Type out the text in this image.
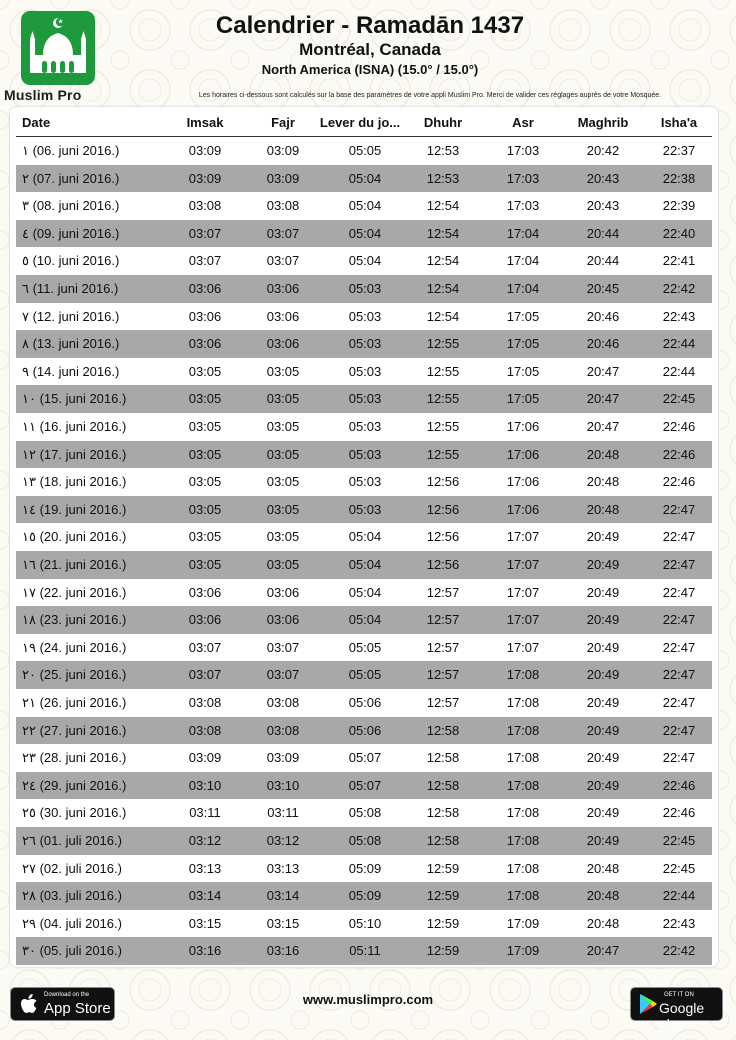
Muslim Pro
Calendrier - Ramadān 1437
Montréal, Canada
North America (ISNA) (15.0° / 15.0°)
Les horaires ci-dessous sont calculés sur la base des paramètres de votre appli Muslim Pro. Merci de valider ces réglages auprès de votre Mosquée.
Date	Imsak	Fajr	Lever du jo...	Dhuhr	Asr	Maghrib	Isha'a
١ (06. juni 2016.)	03:09	03:09	05:05	12:53	17:03	20:42	22:37
٢ (07. juni 2016.)	03:09	03:09	05:04	12:53	17:03	20:43	22:38
٣ (08. juni 2016.)	03:08	03:08	05:04	12:54	17:03	20:43	22:39
٤ (09. juni 2016.)	03:07	03:07	05:04	12:54	17:04	20:44	22:40
٥ (10. juni 2016.)	03:07	03:07	05:04	12:54	17:04	20:44	22:41
٦ (11. juni 2016.)	03:06	03:06	05:03	12:54	17:04	20:45	22:42
٧ (12. juni 2016.)	03:06	03:06	05:03	12:54	17:05	20:46	22:43
٨ (13. juni 2016.)	03:06	03:06	05:03	12:55	17:05	20:46	22:44
٩ (14. juni 2016.)	03:05	03:05	05:03	12:55	17:05	20:47	22:44
١٠ (15. juni 2016.)	03:05	03:05	05:03	12:55	17:05	20:47	22:45
١١ (16. juni 2016.)	03:05	03:05	05:03	12:55	17:06	20:47	22:46
١٢ (17. juni 2016.)	03:05	03:05	05:03	12:55	17:06	20:48	22:46
١٣ (18. juni 2016.)	03:05	03:05	05:03	12:56	17:06	20:48	22:46
١٤ (19. juni 2016.)	03:05	03:05	05:03	12:56	17:06	20:48	22:47
١٥ (20. juni 2016.)	03:05	03:05	05:04	12:56	17:07	20:49	22:47
١٦ (21. juni 2016.)	03:05	03:05	05:04	12:56	17:07	20:49	22:47
١٧ (22. juni 2016.)	03:06	03:06	05:04	12:57	17:07	20:49	22:47
١٨ (23. juni 2016.)	03:06	03:06	05:04	12:57	17:07	20:49	22:47
١٩ (24. juni 2016.)	03:07	03:07	05:05	12:57	17:07	20:49	22:47
٢٠ (25. juni 2016.)	03:07	03:07	05:05	12:57	17:08	20:49	22:47
٢١ (26. juni 2016.)	03:08	03:08	05:06	12:57	17:08	20:49	22:47
٢٢ (27. juni 2016.)	03:08	03:08	05:06	12:58	17:08	20:49	22:47
٢٣ (28. juni 2016.)	03:09	03:09	05:07	12:58	17:08	20:49	22:47
٢٤ (29. juni 2016.)	03:10	03:10	05:07	12:58	17:08	20:49	22:46
٢٥ (30. juni 2016.)	03:11	03:11	05:08	12:58	17:08	20:49	22:46
٢٦ (01. juli 2016.)	03:12	03:12	05:08	12:58	17:08	20:49	22:45
٢٧ (02. juli 2016.)	03:13	03:13	05:09	12:59	17:08	20:48	22:45
٢٨ (03. juli 2016.)	03:14	03:14	05:09	12:59	17:08	20:48	22:44
٢٩ (04. juli 2016.)	03:15	03:15	05:10	12:59	17:09	20:48	22:43
٣٠ (05. juli 2016.)	03:16	03:16	05:11	12:59	17:09	20:47	22:42
Download on the
App Store
www.muslimpro.com	GET IT ON
Google play
